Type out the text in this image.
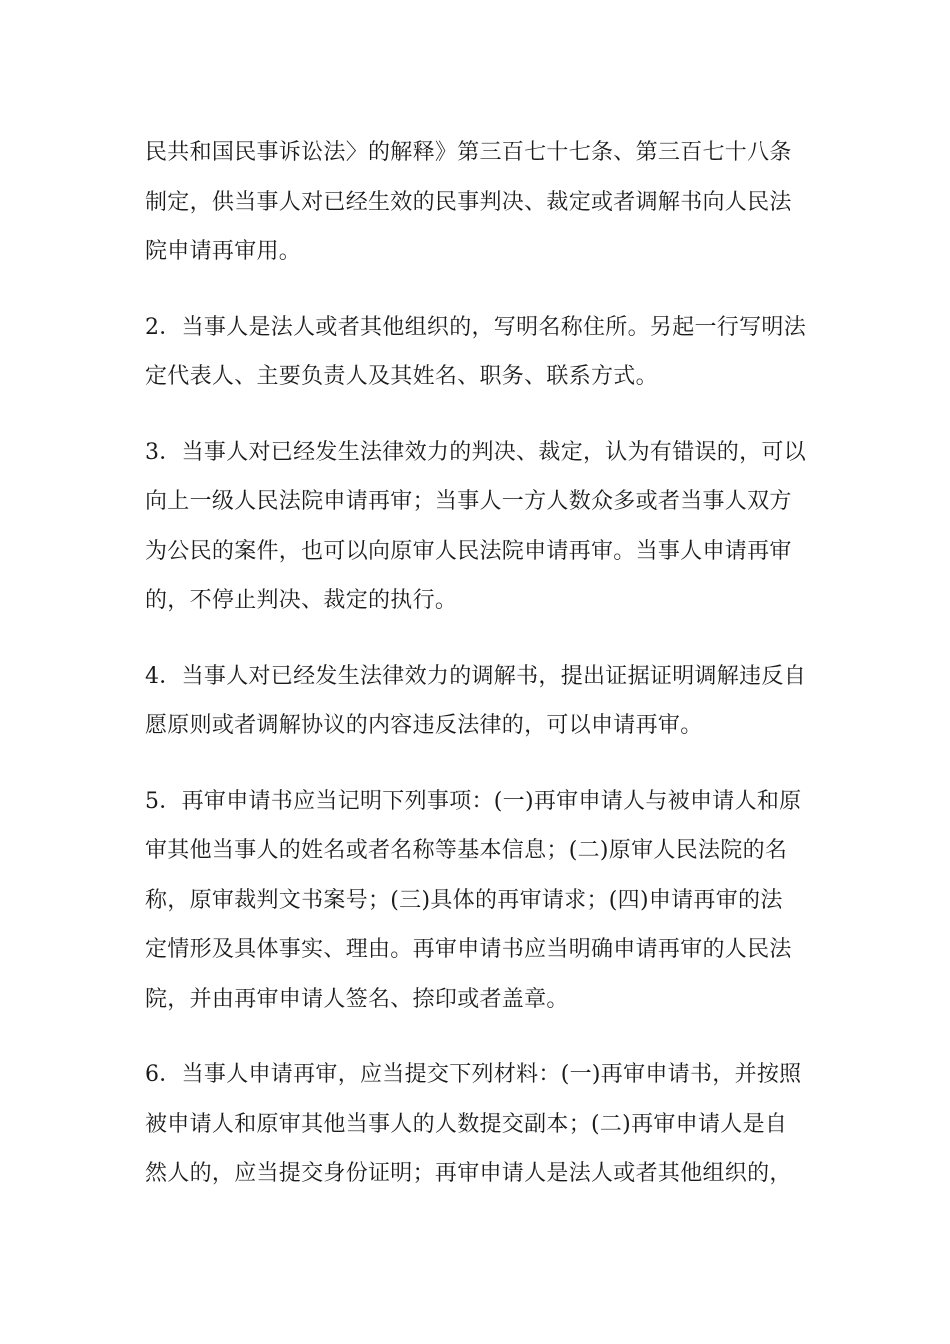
民共和国民事诉讼法〉的解释》第三百七十七条、第三百七十八条
制定，供当事人对已经生效的民事判决、裁定或者调解书向人民法
院申请再审用。

2．当事人是法人或者其他组织的，写明名称住所。另起一行写明法
定代表人、主要负责人及其姓名、职务、联系方式。

3．当事人对已经发生法律效力的判决、裁定，认为有错误的，可以
向上一级人民法院申请再审；当事人一方人数众多或者当事人双方
为公民的案件，也可以向原审人民法院申请再审。当事人申请再审
的，不停止判决、裁定的执行。

4．当事人对已经发生法律效力的调解书，提出证据证明调解违反自
愿原则或者调解协议的内容违反法律的，可以申请再审。

5．再审申请书应当记明下列事项：(一)再审申请人与被申请人和原
审其他当事人的姓名或者名称等基本信息；(二)原审人民法院的名
称，原审裁判文书案号；(三)具体的再审请求；(四)申请再审的法
定情形及具体事实、理由。再审申请书应当明确申请再审的人民法
院，并由再审申请人签名、捺印或者盖章。

6．当事人申请再审，应当提交下列材料：(一)再审申请书，并按照
被申请人和原审其他当事人的人数提交副本；(二)再审申请人是自
然人的，应当提交身份证明；再审申请人是法人或者其他组织的，
